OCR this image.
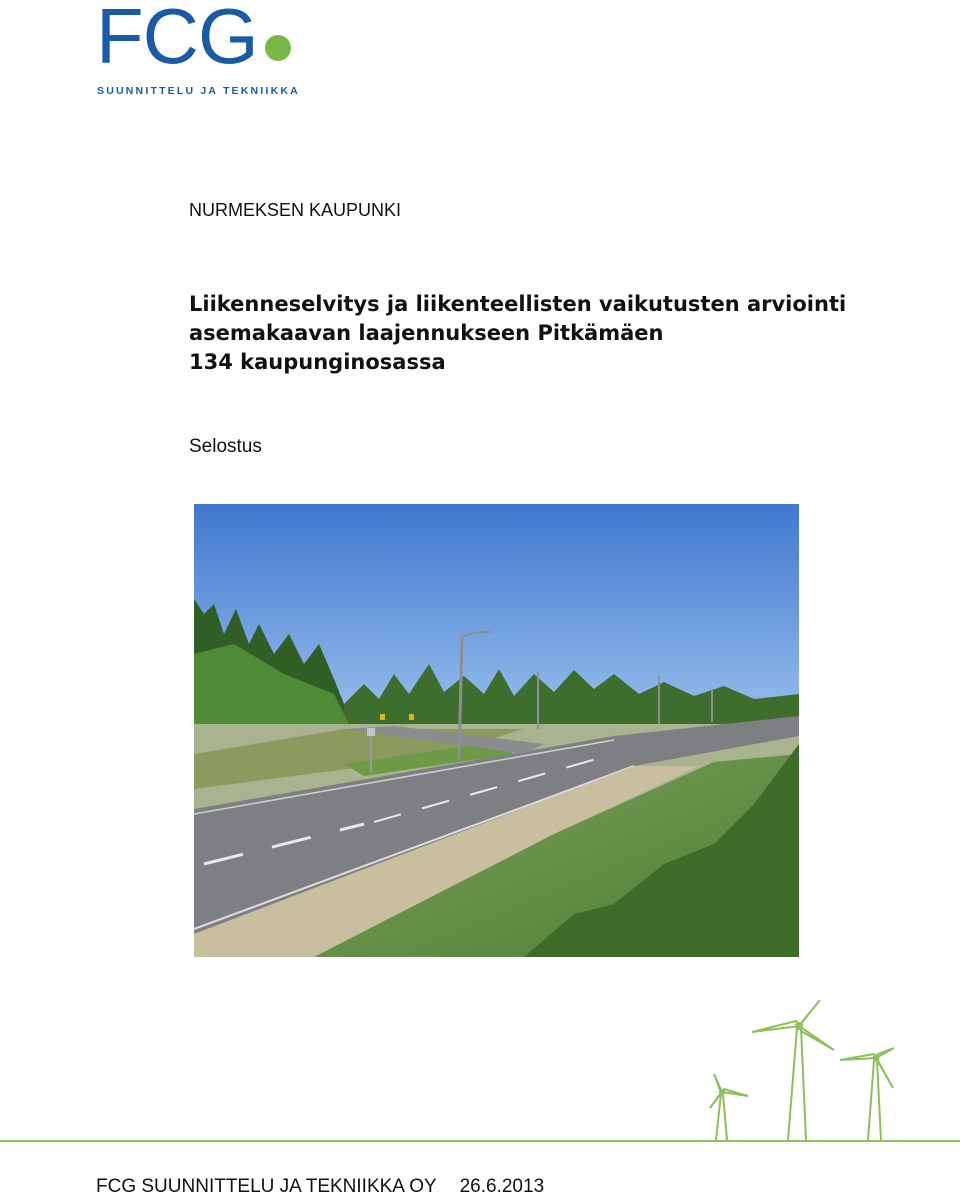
FCG
SUUNNITTELU JA TEKNIIKKA
NURMEKSEN KAUPUNKI
Liikenneselvitys ja liikenteellisten vaikutusten arviointi
asemakaavan laajennukseen Pitkämäen
134 kaupunginosassa
Selostus
FCG SUUNNITTELU JA TEKNIIKKA OY 26.6.2013
